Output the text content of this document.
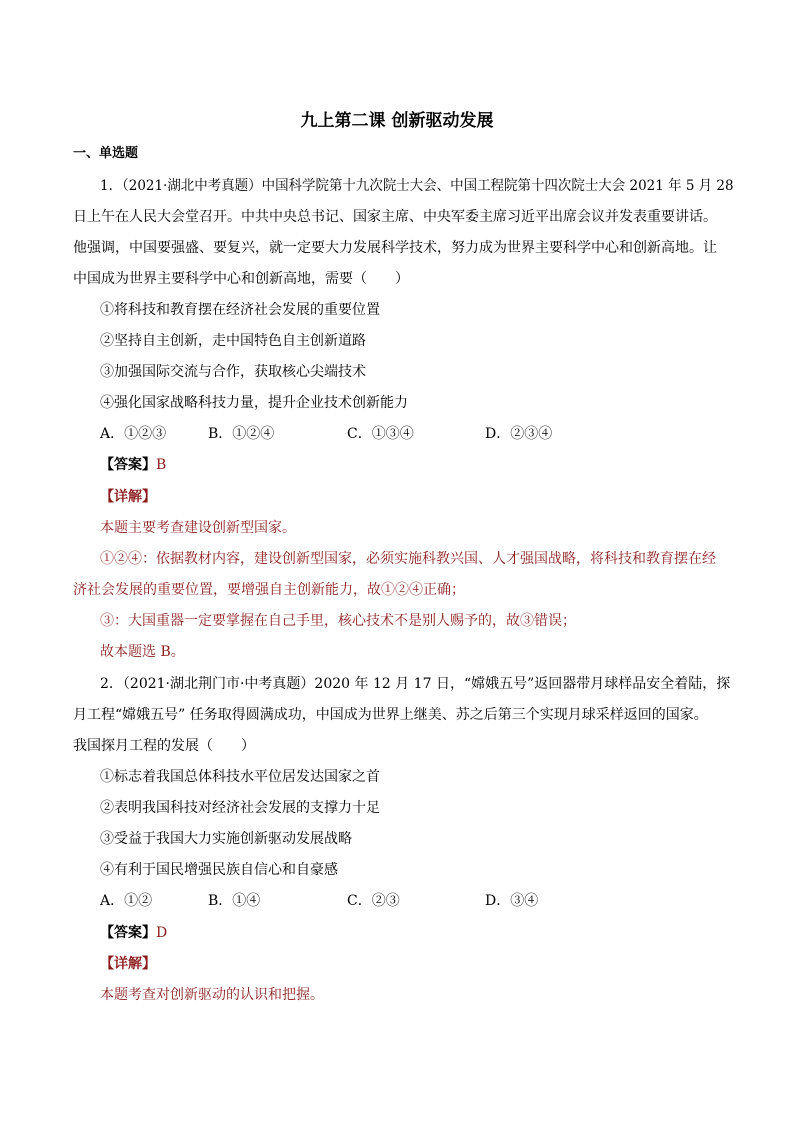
九上第二课 创新驱动发展
一、单选题
1．（2021·湖北中考真题）中国科学院第十九次院士大会、中国工程院第十四次院士大会 2021 年 5 月 28
日上午在人民大会堂召开。中共中央总书记、国家主席、中央军委主席习近平出席会议并发表重要讲话。
他强调，中国要强盛、要复兴，就一定要大力发展科学技术，努力成为世界主要科学中心和创新高地。让
中国成为世界主要科学中心和创新高地，需要（　　）
①将科技和教育摆在经济社会发展的重要位置
②坚持自主创新，走中国特色自主创新道路
③加强国际交流与合作，获取核心尖端技术
④强化国家战略科技力量，提升企业技术创新能力
A．①②③	B．①②④	C．①③④	D．②③④
【答案】B
【详解】
本题主要考查建设创新型国家。
①②④：依据教材内容，建设创新型国家，必须实施科教兴国、人才强国战略，将科技和教育摆在经
济社会发展的重要位置，要增强自主创新能力，故①②④正确；
③：大国重器一定要掌握在自己手里，核心技术不是别人赐予的，故③错误；
故本题选 B。
2．（2021·湖北荆门市·中考真题）2020 年 12 月 17 日，“嫦娥五号”返回器带月球样品安全着陆，探
月工程“嫦娥五号” 任务取得圆满成功，中国成为世界上继美、苏之后第三个实现月球采样返回的国家。
我国探月工程的发展（　　）
①标志着我国总体科技水平位居发达国家之首
②表明我国科技对经济社会发展的支撑力十足
③受益于我国大力实施创新驱动发展战略
④有利于国民增强民族自信心和自豪感
A．①②	B．①④	C．②③	D．③④
【答案】D
【详解】
本题考查对创新驱动的认识和把握。
